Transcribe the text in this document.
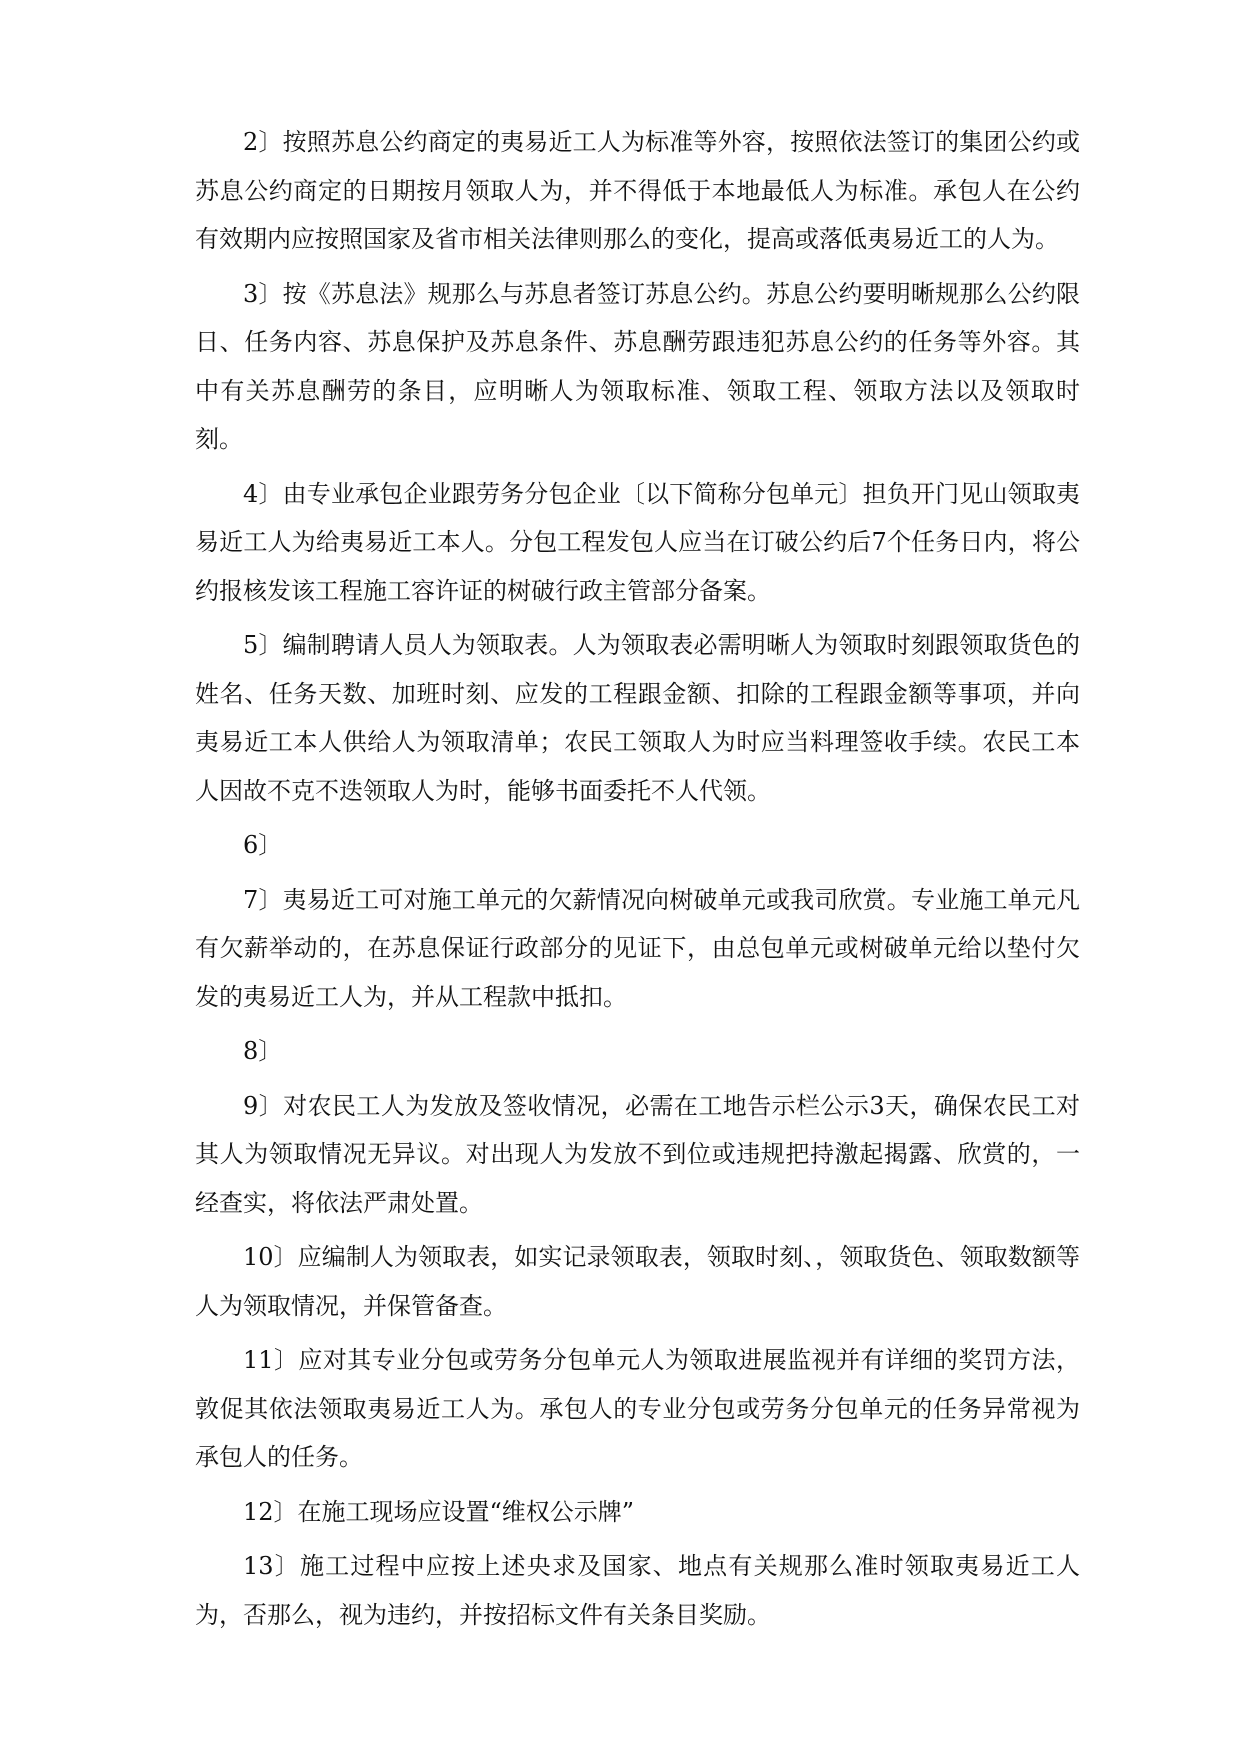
2〕按照苏息公约商定的夷易近工人为标准等外容，按照依法签订的集团公约或苏息公约商定的日期按月领取人为，并不得低于本地最低人为标准。承包人在公约有效期内应按照国家及省市相关法律则那么的变化，提高或落低夷易近工的人为。

3〕按《苏息法》规那么与苏息者签订苏息公约。苏息公约要明晰规那么公约限日、任务内容、苏息保护及苏息条件、苏息酬劳跟违犯苏息公约的任务等外容。其中有关苏息酬劳的条目，应明晰人为领取标准、领取工程、领取方法以及领取时刻。

4〕由专业承包企业跟劳务分包企业〔以下简称分包单元〕担负开门见山领取夷易近工人为给夷易近工本人。分包工程发包人应当在订破公约后7个任务日内，将公约报核发该工程施工容许证的树破行政主管部分备案。

5〕编制聘请人员人为领取表。人为领取表必需明晰人为领取时刻跟领取货色的姓名、任务天数、加班时刻、应发的工程跟金额、扣除的工程跟金额等事项，并向夷易近工本人供给人为领取清单；农民工领取人为时应当料理签收手续。农民工本人因故不克不迭领取人为时，能够书面委托不人代领。

6〕

7〕夷易近工可对施工单元的欠薪情况向树破单元或我司欣赏。专业施工单元凡有欠薪举动的，在苏息保证行政部分的见证下，由总包单元或树破单元给以垫付欠发的夷易近工人为，并从工程款中抵扣。

8〕

9〕对农民工人为发放及签收情况，必需在工地告示栏公示3天，确保农民工对其人为领取情况无异议。对出现人为发放不到位或违规把持激起揭露、欣赏的，一经查实，将依法严肃处置。

10〕应编制人为领取表，如实记录领取表，领取时刻、，领取货色、领取数额等人为领取情况，并保管备查。

11〕应对其专业分包或劳务分包单元人为领取进展监视并有详细的奖罚方法，敦促其依法领取夷易近工人为。承包人的专业分包或劳务分包单元的任务异常视为承包人的任务。

12〕在施工现场应设置“维权公示牌”

13〕施工过程中应按上述央求及国家、地点有关规那么准时领取夷易近工人为，否那么，视为违约，并按招标文件有关条目奖励。
